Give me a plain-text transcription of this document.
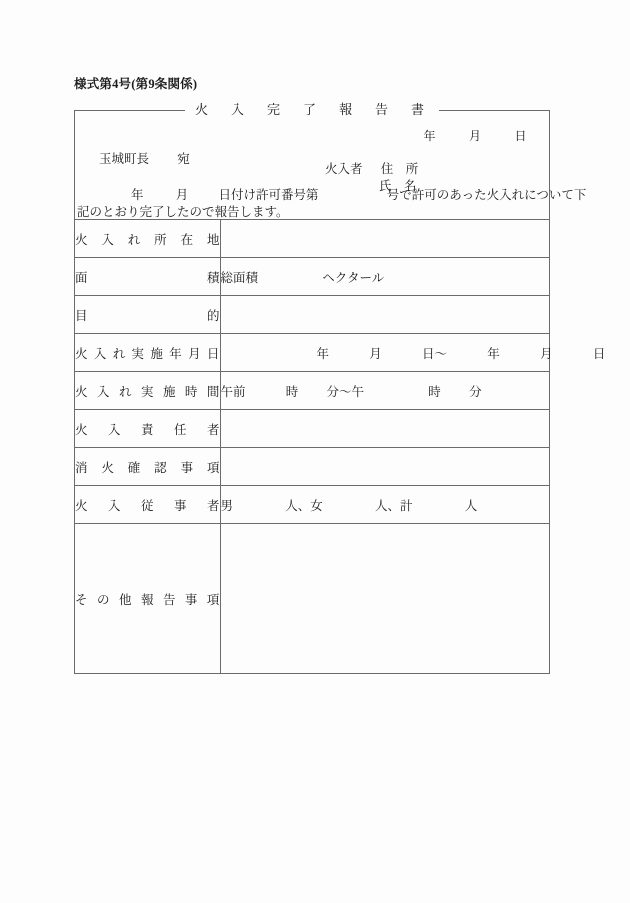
様式第4号(第9条関係)
火　入　完　了　報　告　書
年	月	日
玉城町長 宛
火入者 住　所
氏　名
年	月 日付け許可番号第	号で許可のあった火入れについて下
記のとおり完了したので報告します。
火 入 れ 所 在 地

面 積	総面積 ヘクタール

目 的	

火 入 れ 実 施 年 月 日	年	月	日～	年	月	日

火 入 れ 実 施 時 間	午前	時 分～午	時 分

火 入 責 任 者	

消 火 確 認 事 項

火 入 従 事 者	男 人、女 人、計 人

そ の 他 報 告 事 項
